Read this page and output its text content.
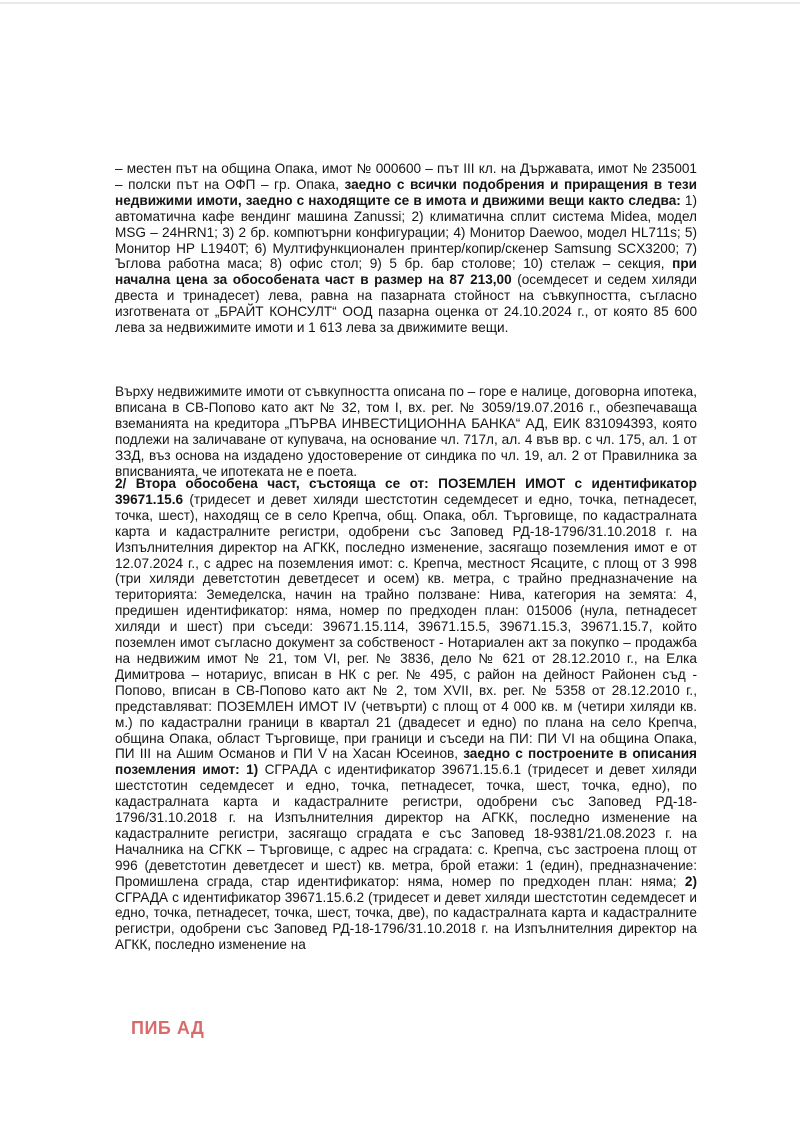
– местен път на община Опака, имот № 000600 – път III кл. на Държавата, имот № 235001 – полски път на ОФП – гр. Опака, заедно с всички подобрения и приращения в тези недвижими имоти, заедно с находящите се в имота и движими вещи както следва: 1) автоматична кафе вендинг машина Zanussi; 2) климатична сплит система Midea, модел MSG – 24HRN1; 3) 2 бр. компютърни конфигурации; 4) Монитор Daewoo, модел HL711s; 5) Монитор HP L1940T; 6) Мултифункционален принтер/копир/скенер Samsung SCX3200; 7) Ъглова работна маса; 8) офис стол; 9) 5 бр. бар столове; 10) стелаж – секция, при начална цена за обособената част в размер на 87 213,00 (осемдесет и седем хиляди двеста и тринадесет) лева, равна на пазарната стойност на съвкупността, съгласно изготвената от „БРАЙТ КОНСУЛТ“ ООД пазарна оценка от 24.10.2024 г., от която 85 600 лева за недвижимите имоти и 1 613 лева за движимите вещи.

Върху недвижимите имоти от съвкупността описана по – горе е налице, договорна ипотека, вписана в СВ-Попово като акт № 32, том I, вх. рег. № 3059/19.07.2016 г., обезпечаваща вземанията на кредитора „ПЪРВА ИНВЕСТИЦИОННА БАНКА“ АД, ЕИК 831094393, която подлежи на заличаване от купувача, на основание чл. 717л, ал. 4 във вр. с чл. 175, ал. 1 от ЗЗД, въз основа на издадено удостоверение от синдика по чл. 19, ал. 2 от Правилника за вписванията, че ипотеката не е поета.

2/ Втора обособена част, състояща се от: ПОЗЕМЛЕН ИМОТ с идентификатор 39671.15.6 (тридесет и девет хиляди шестстотин седемдесет и едно, точка, петнадесет, точка, шест), находящ се в село Крепча, общ. Опака, обл. Търговище, по кадастралната карта и кадастралните регистри, одобрени със Заповед РД-18-1796/31.10.2018 г. на Изпълнителния директор на АГКК, последно изменение, засягащо поземления имот е от 12.07.2024 г., с адрес на поземления имот: с. Крепча, местност Ясаците, с площ от 3 998 (три хиляди деветстотин деветдесет и осем) кв. метра, с трайно предназначение на територията: Земеделска, начин на трайно ползване: Нива, категория на земята: 4, предишен идентификатор: няма, номер по предходен план: 015006 (нула, петнадесет хиляди и шест) при съседи: 39671.15.114, 39671.15.5, 39671.15.3, 39671.15.7, който поземлен имот съгласно документ за собственост - Нотариален акт за покупко – продажба на недвижим имот № 21, том VI, рег. № 3836, дело № 621 от 28.12.2010 г., на Елка Димитрова – нотариус, вписан в НК с рег. № 495, с район на дейност Районен съд - Попово, вписан в СВ-Попово като акт № 2, том XVII, вх. рег. № 5358 от 28.12.2010 г., представляват: ПОЗЕМЛЕН ИМОТ IV (четвърти) с площ от 4 000 кв. м (четири хиляди кв. м.) по кадастрални граници в квартал 21 (двадесет и едно) по плана на село Крепча, община Опака, област Търговище, при граници и съседи на ПИ: ПИ VI на община Опака, ПИ III на Ашим Османов и ПИ V на Хасан Юсеинов, заедно с построените в описания поземления имот: 1) СГРАДА с идентификатор 39671.15.6.1 (тридесет и девет хиляди шестстотин седемдесет и едно, точка, петнадесет, точка, шест, точка, едно), по кадастралната карта и кадастралните регистри, одобрени със Заповед РД-18-1796/31.10.2018 г. на Изпълнителния директор на АГКК, последно изменение на кадастралните регистри, засягащо сградата е със Заповед 18-9381/21.08.2023 г. на Началника на СГКК – Търговище, с адрес на сградата: с. Крепча, със застроена площ от 996 (деветстотин деветдесет и шест) кв. метра, брой етажи: 1 (един), предназначение: Промишлена сграда, стар идентификатор: няма, номер по предходен план: няма; 2) СГРАДА с идентификатор 39671.15.6.2 (тридесет и девет хиляди шестстотин седемдесет и едно, точка, петнадесет, точка, шест, точка, две), по кадастралната карта и кадастралните регистри, одобрени със Заповед РД-18-1796/31.10.2018 г. на Изпълнителния директор на АГКК, последно изменение на

ПИБ АД
